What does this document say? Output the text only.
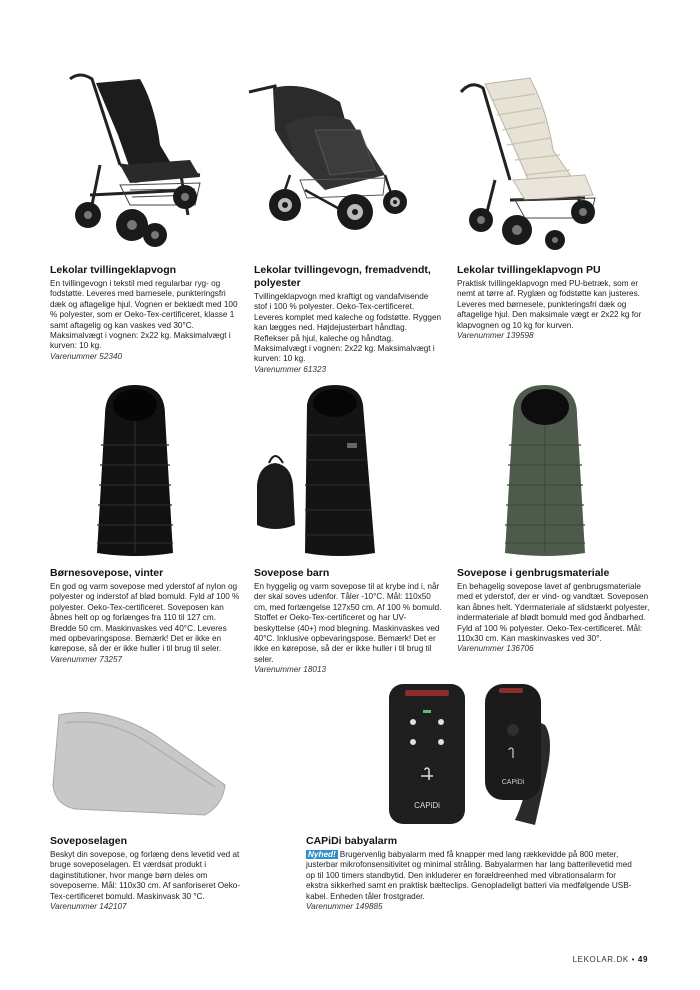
CAPiDi
CAPiDi
Lekolar tvillingeklapvogn

En tvillingevogn i tekstil med regularbar ryg- og fodstøtte. Leveres med barnesele, punkteringsfri dæk og aftagelige hjul. Vognen er beklædt med 100 % polyester, som er Oeko-Tex-certificeret, klasse 1 samt aftagelig og kan vaskes ved 30°C. Maksimalvægt i vognen: 2x22 kg. Maksimalvægt i kurven: 10 kg.

Varenummer 52340

Lekolar tvillingevogn, fremadvendt, polyester

Tvillingeklapvogn med kraftigt og vandafvisende stof i 100 % polyester. Oeko-Tex-certificeret. Leveres komplet med kaleche og fodstøtte. Ryggen kan lægges ned. Højdejusterbart håndtag. Reflekser på hjul, kaleche og håndtag. Maksimalvægt i vognen: 2x22 kg. Maksimalvægt i kurven: 10 kg.

Varenummer 61323

Lekolar tvillingeklapvogn PU

Praktisk tvillingeklapvogn med PU-betræk, som er nemt at tørre af. Ryglæn og fodstøtte kan justeres. Leveres med børnesele, punkteringsfri dæk og aftagelige hjul. Den maksimale vægt er 2x22 kg for klapvognen og 10 kg for kurven.

Varenummer 139598

Børnesovepose, vinter

En god og varm sovepose med yderstof af nylon og polyester og inderstof af blød bomuld. Fyld af 100 % polyester. Oeko-Tex-certificeret. Soveposen kan åbnes helt op og forlænges fra 110 til 127 cm. Bredde 50 cm. Maskinvaskes ved 40°C. Leveres med opbevaringspose. Bemærk! Det er ikke en kørepose, så der er ikke huller i til brug til seler.

Varenummer 73257

Sovepose barn

En hyggelig og varm sovepose til at krybe ind i, når der skal soves udenfor. Tåler -10°C. Mål: 110x50 cm, med forlængelse 127x50 cm. Af 100 % bomuld. Stoffet er Oeko-Tex-certificeret og har UV-beskyttelse (40+) mod blegning. Maskinvaskes ved 40°C. Inklusive opbevaringspose. Bemærk! Det er ikke en kørepose, så der er ikke huller i til brug til seler.

Varenummer 18013

Sovepose i genbrugsmateriale

En behagelig sovepose lavet af genbrugsmateriale med et yderstof, der er vind- og vandtæt. Soveposen kan åbnes helt. Ydermateriale af slidstærkt polyester, indermateriale af blødt bomuld med god åndbarhed. Fyld af 100 % polyester. Oeko-Tex-certificeret. Mål: 110x30 cm. Kan maskinvaskes ved 30°.

Varenummer 136706

Soveposelagen

Beskyt din sovepose, og forlæng dens levetid ved at bruge soveposelagen. Et værdsat produkt i daginstitutioner, hvor mange børn deles om soveposerne. Mål: 110x30 cm. Af sanforiseret Oeko-Tex-certificeret bomuld. Maskinvask 30 °C.

Varenummer 142107

CAPiDi babyalarm

Nyhed! Brugervenlig babyalarm med få knapper med lang rækkevidde på 800 meter, justerbar mikrofonsensitivitet og minimal stråling. Babyalarmen har lang batterilevetid med op til 100 timers standbytid. Den inkluderer en forældreenhed med vibrationsalarm for ekstra sikkerhed samt en praktisk bælteclips. Genopladeligt batteri via medfølgende USB-kabel. Enheden tåler frostgrader.

Varenummer 149885

LEKOLAR.DK • 49
